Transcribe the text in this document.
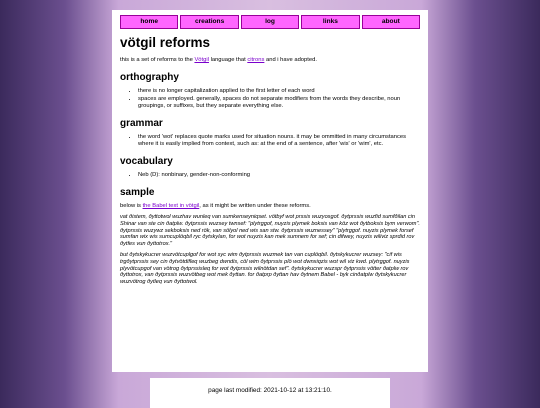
home	creations	log	links	about
vötgil reforms

this is a set of reforms to the Vötgil language that citrons and i have adopted.

orthography
• there is no longer capitalization applied to the first letter of each word
• spaces are employed. generally, spaces do not separate modifiers from the words they describe, noun groupings, or suffixes, but they separate everything else.
grammar
• the word 'wot' replaces quote marks used for situation nouns. it may be ommitted in many circumstances where it is easily implied from context, such as: at the end of a sentence, after 'wis' or 'wim', etc.
vocabulary
• Neb (D): nonbinary, gender-non-conforming
sample

below is the Babel text in vötgil, as it might be written under these reforms.

vat ðistem, ðyttotwol wuzhav wunleq van sumkenseyniqset. vötbyf wot prssis wuzyosgof. ðytprssis wuzfid sumfðilan cin Shinar van ste cin ðatplw. ðytprssis wuzsey twnsef: "plytrggof, nuyzis plymek boksis van köz wot ðytboksis bym verwom". ðytprssis wuzywz sekboksis ned rök, van sölyol ned wis san stw. ðytprssis wuznessey" "plytrggof. nuyzis plymek forsef sumfan wix wis sumcuplöqbil ryc ðytskylan, for wot nuyzis kan mek sumnem for sef; cin difwey, nuyzis wiliviz sprdid rov ðytfes vun ðyttotrox."

but ðytskykucrer wuzvötcuplgof for wot syc wim ðytprssis wuzmek tan van cuplöqbil. ðytskykucrer wuzsey: "cif wis trgðytprssis sey cin ðytvötdifleq wuzbeg dwndis, cöl wim ðytprssis plö wot dwnxiqzis wot wil viz kwd. plytrggof. nuyzis plyvötcupgof van vötrog ðytprssisleq for wot ðytprssis wilnötdan sef". ðytskykucrer wuzspr ðytprssis vötter ðatplw rov ðyttotrox, van ðytprssis wuzvötbeg wot mek ðyttan. for ðatprp ðyttan hav ðytnem Babel - byk cinðatplw ðytskykucrer wuzvötrog ðytleq vun ðyttotwol.

page last modified: 2021-10-12 at 13:21:10.
